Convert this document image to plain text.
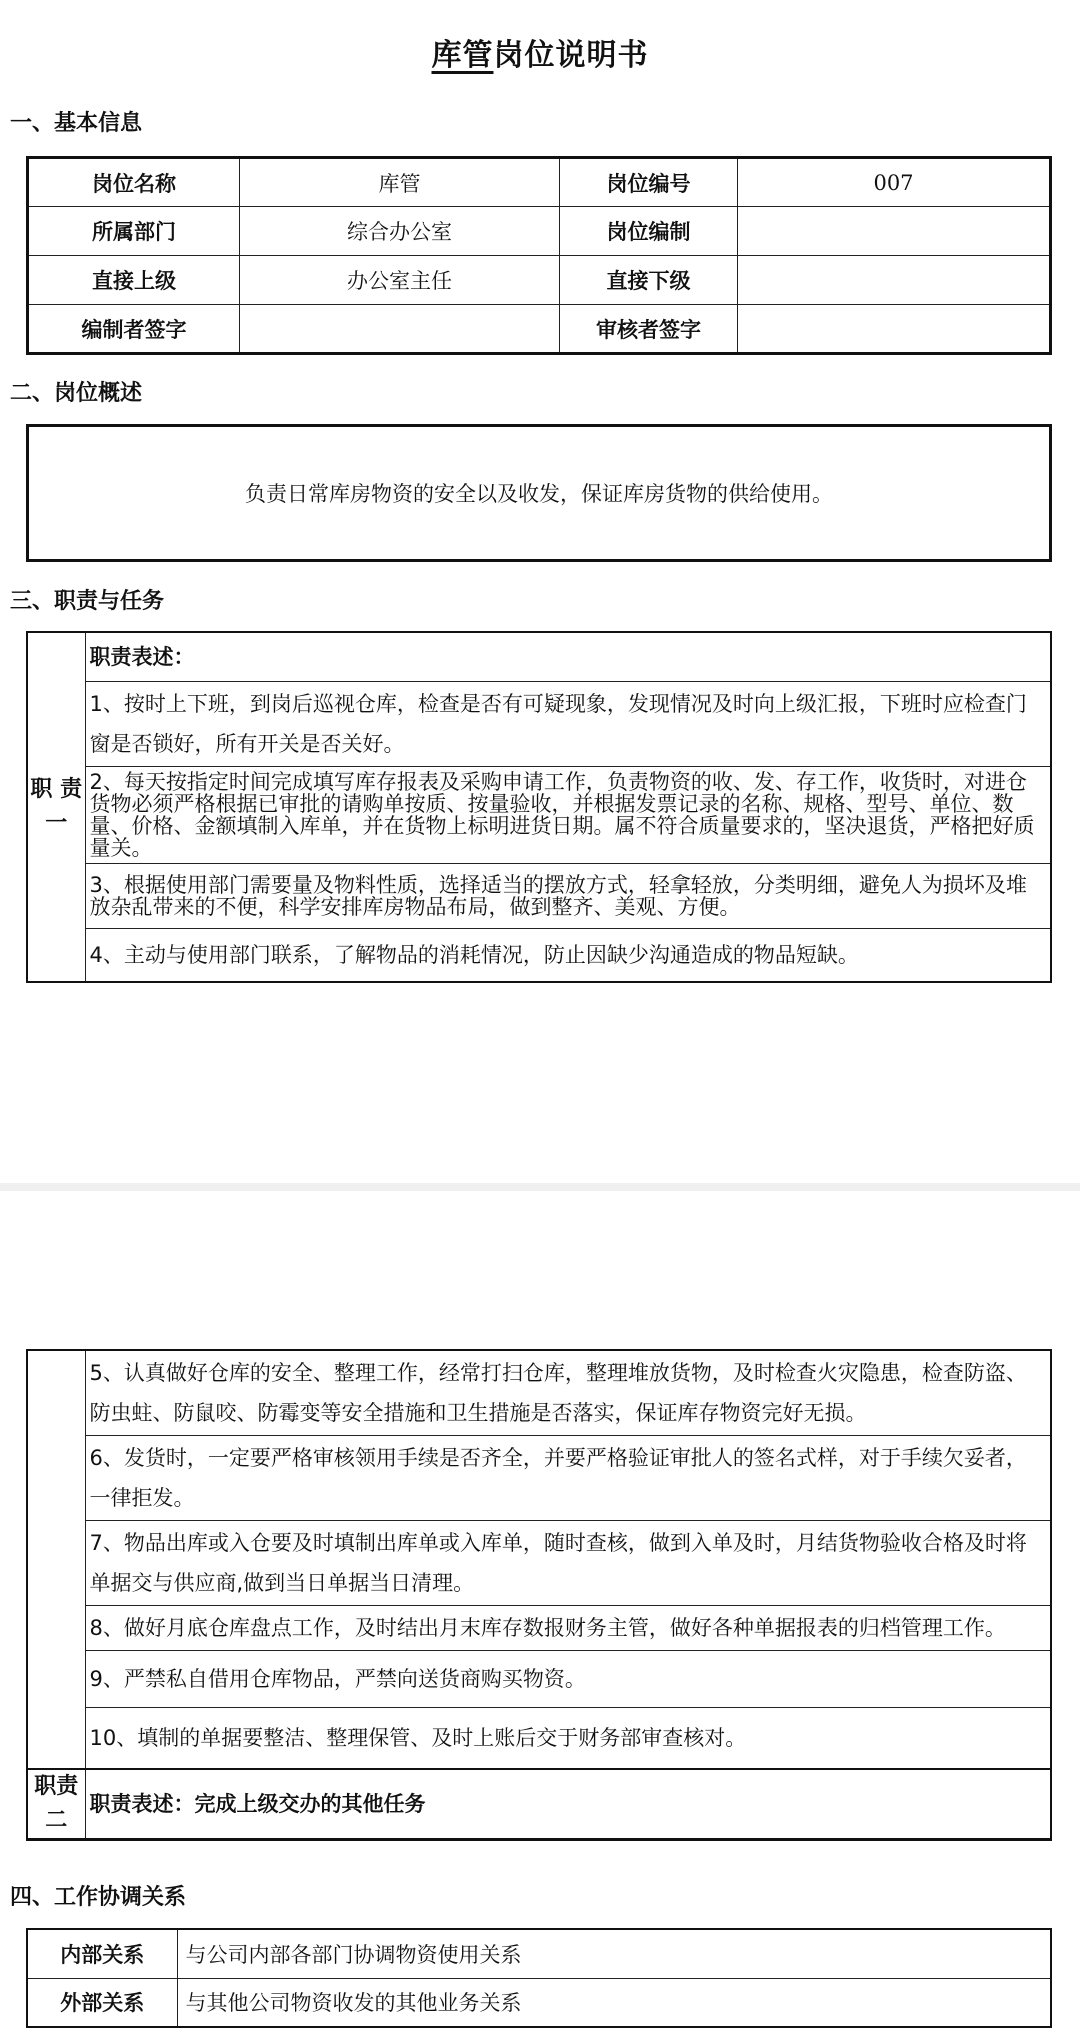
库管岗位说明书
一、基本信息
岗位名称	库管	岗位编号	007
所属部门	综合办公室	岗位编制	
直接上级	办公室主任	直接下级	
编制者签字		审核者签字	
二、岗位概述
负责日常库房物资的安全以及收发，保证库房货物的供给使用。
三、职责与任务
职 责 一	职责表述：
1、按时上下班，到岗后巡视仓库，检查是否有可疑现象，发现情况及时向上级汇报，下班时应检查门窗是否锁好，所有开关是否关好。
2、每天按指定时间完成填写库存报表及采购申请工作，负责物资的收、发、存工作，收货时，对进仓货物必须严格根据已审批的请购单按质、按量验收，并根据发票记录的名称、规格、型号、单位、数量、价格、金额填制入库单，并在货物上标明进货日期。属不符合质量要求的，坚决退货，严格把好质量关。
3、根据使用部门需要量及物料性质，选择适当的摆放方式，轻拿轻放，分类明细，避免人为损坏及堆放杂乱带来的不便，科学安排库房物品布局，做到整齐、美观、方便。
4、主动与使用部门联系，了解物品的消耗情况，防止因缺少沟通造成的物品短缺。
	5、认真做好仓库的安全、整理工作，经常打扫仓库，整理堆放货物，及时检查火灾隐患，检查防盗、防虫蛀、防鼠咬、防霉变等安全措施和卫生措施是否落实，保证库存物资完好无损。
	6、发货时，一定要严格审核领用手续是否齐全，并要严格验证审批人的签名式样，对于手续欠妥者，一律拒发。
	7、物品出库或入仓要及时填制出库单或入库单，随时查核，做到入单及时，月结货物验收合格及时将单据交与供应商,做到当日单据当日清理。
	8、做好月底仓库盘点工作，及时结出月末库存数报财务主管，做好各种单据报表的归档管理工作。
	9、严禁私自借用仓库物品，严禁向送货商购买物资。
	10、填制的单据要整洁、整理保管、及时上账后交于财务部审查核对。
职责 二	职责表述：完成上级交办的其他任务
四、工作协调关系
内部关系	与公司内部各部门协调物资使用关系
外部关系	与其他公司物资收发的其他业务关系
